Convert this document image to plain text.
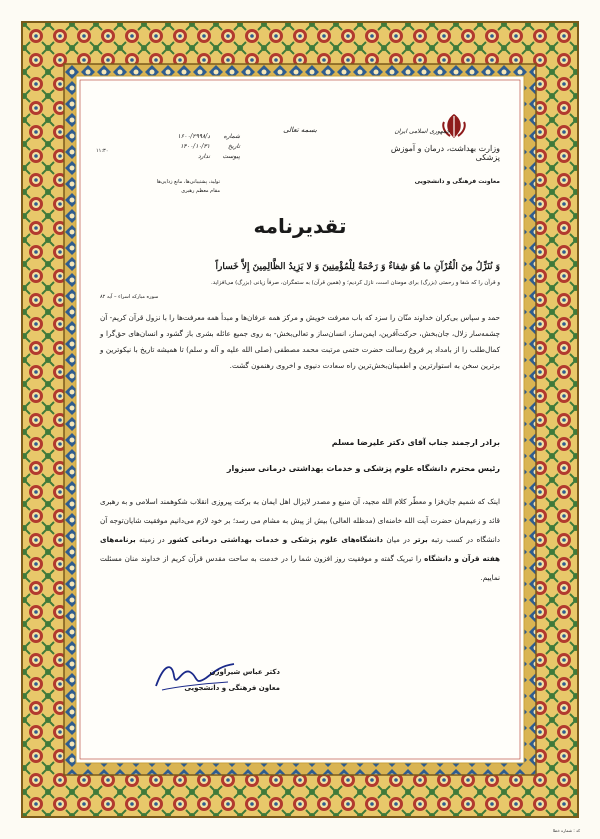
بسمه تعالی	جمهوری اسلامی ایران
وزارت بهداشت، درمان و آموزش پزشکی
معاونت فرهنگی و دانشجویی
شماره
د/۱۶۰۰/۲۹۹۸
تاریخ
۱۴۰۰/۱۰/۳۱
پیوست
ندارد
۱۱:۳۰
تولید، پشتیبانی‌ها، مانع زدایی‌ها
مقام معظم رهبری
تقدیرنامه
وَ نُنَزِّلُ مِنَ الْقُرْآنِ ما هُوَ شِفاءٌ وَ رَحْمَةٌ لِلْمُؤْمِنِينَ وَ لا يَزِيدُ الظَّالِمِينَ إِلاَّ خَساراً
و قرآن را که شفا و رحمتی (بزرگ) برای مومنان است، نازل کردیم؛ و (همین قرآن) به ستمگران، صرفاً زیانی (بزرگ) می‌افزاید.
سوره مبارکه اسراء – آیه ۸۲
حمد و سپاس بی‌کران خداوند منّان را سزد که باب معرفت خویش و مرکز همه عرفان‌ها و مبدأ همه معرفت‌ها را با نزول قرآن کریم- آن چشمه‌سار زلال، جان‌بخش، حرکت‌آفرین، ایمن‌ساز، انسان‌ساز و تعالی‌بخش- به روی جمیع عائله بشری باز گشود و انسان‌های حق‌گرا و کمال‌طلب را از بامداد پر فروغ رسالت حضرت ختمی مرتبت محمد مصطفی (صلی الله علیه و آله و سلم) تا همیشه تاریخ با نیکوترین و برترین سخن به استوارترین و اطمینان‌بخش‌ترین راه سعادت دنیوی و اخروی رهنمون گشت.
برادر ارجمند جناب آقای دکتر علیرضا مسلم
رئیس محترم دانشگاه علوم پزشکی و خدمات بهداشتی درمانی سبزوار
اینک که شمیم جان‌فزا و معطّر کلام الله مجید، آن منبع و مصدر لایزال اهل ایمان به برکت پیروزی انقلاب شکوهمند اسلامی و به رهبری قائد و زعیم‌مان حضرت آیت الله خامنه‌ای (مدظله العالی) بیش از پیش به مشام می رسد؛ بر خود لازم می‌دانیم موفقیت شایان‌توجه آن دانشگاه در کسب رتبه برتر در میان دانشگاه‌های علوم پزشکی و خدمات بهداشتی درمانی کشور در زمینه برنامه‌های هفته قرآن و دانشگاه را تبریک گفته و موفقیت روز افزون شما را در خدمت به ساحت مقدس قرآن کریم از خداوند منان مسئلت نماییم.
دکتر عباس شیراوژن
معاون فرهنگی و دانشجویی
کد : شماره خطا
